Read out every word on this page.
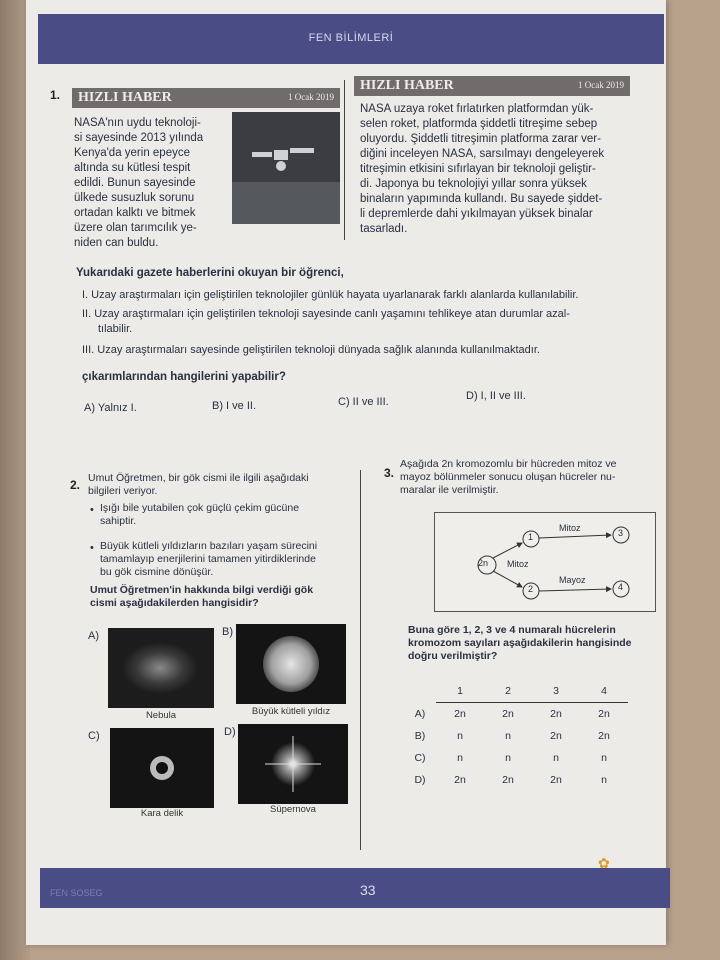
FEN BİLİMLERİ
1. HIZLI HABER	1 Ocak 2019
NASA'nın uydu teknoloji-
si sayesinde 2013 yılında
Kenya'da yerin epeyce
altında su kütlesi tespit
edildi. Bunun sayesinde
ülkede susuzluk sorunu
ortadan kalktı ve bitmek
üzere olan tarımcılık ye-
niden can buldu.
HIZLI HABER	1 Ocak 2019
NASA uzaya roket fırlatırken platformdan yük-
selen roket, platformda şiddetli titreşime sebep
oluyordu. Şiddetli titreşimin platforma zarar ver-
diğini inceleyen NASA, sarsılmayı dengeleyerek
titreşimin etkisini sıfırlayan bir teknoloji geliştir-
di. Japonya bu teknolojiyi yıllar sonra yüksek
binaların yapımında kullandı. Bu sayede şiddet-
li depremlerde dahi yıkılmayan yüksek binalar
tasarladı.
Yukarıdaki gazete haberlerini okuyan bir öğrenci,
I. Uzay araştırmaları için geliştirilen teknolojiler günlük hayata uyarlanarak farklı alanlarda kullanılabilir.
II. Uzay araştırmaları için geliştirilen teknoloji sayesinde canlı yaşamını tehlikeye atan durumlar azal-
tılabilir.
III. Uzay araştırmaları sayesinde geliştirilen teknoloji dünyada sağlık alanında kullanılmaktadır.
çıkarımlarından hangilerini yapabilir?
A) Yalnız I.	B) I ve II.	C) II ve III.	D) I, II ve III.
2. Umut Öğretmen, bir gök cismi ile ilgili aşağıdaki
bilgileri veriyor.
• Işığı bile yutabilen çok güçlü çekim gücüne
sahiptir.
• Büyük kütleli yıldızların bazıları yaşam sürecini
tamamlayıp enerjilerini tamamen yitirdiklerinde
bu gök cismine dönüşür.
Umut Öğretmen'in hakkında bilgi verdiği gök
cismi aşağıdakilerden hangisidir?
A)
Nebula
B)
Büyük kütleli yıldız
C)
Kara delik
D)
Süpernova
3.
Aşağıda 2n kromozomlu bir hücreden mitoz ve
mayoz bölünmeler sonucu oluşan hücreler nu-
maralar ile verilmiştir.
2n
1
2
3
4
Mitoz
Mitoz
Mayoz
Buna göre 1, 2, 3 ve 4 numaralı hücrelerin
kromozom sayıları aşağıdakilerin hangisinde
doğru verilmiştir?
	1	2	3	4
A)	2n	2n	2n	2n
B)	n	n	2n	2n
C)	n	n	n	n
D)	2n	2n	2n	n
FEN SOSEG	33
✿
